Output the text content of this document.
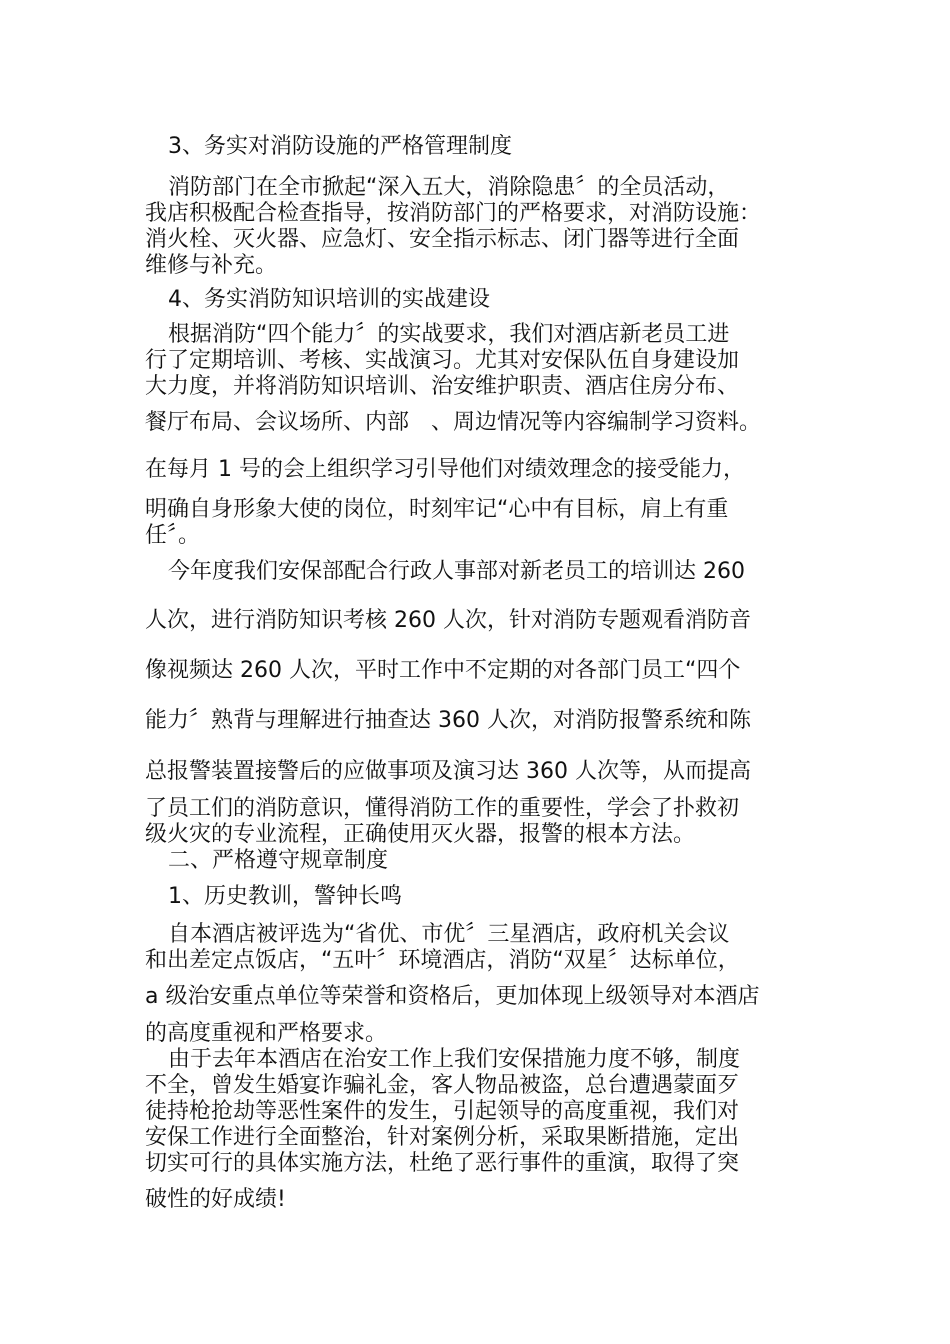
3、务实对消防设施的严格管理制度
消防部门在全市掀起“深入五大，消除隐患〞的全员活动，
我店积极配合检查指导，按消防部门的严格要求，对消防设施：
消火栓、灭火器、应急灯、安全指示标志、闭门器等进行全面
维修与补充。
4、务实消防知识培训的实战建设
根据消防“四个能力〞的实战要求，我们对酒店新老员工进
行了定期培训、考核、实战演习。尤其对安保队伍自身建设加
大力度，并将消防知识培训、治安维护职责、酒店住房分布、
餐厅布局、会议场所、内部　、周边情况等内容编制学习资料。
在每月 1 号的会上组织学习引导他们对绩效理念的接受能力，
明确自身形象大使的岗位，时刻牢记“心中有目标，肩上有重
任〞。
今年度我们安保部配合行政人事部对新老员工的培训达 260
人次，进行消防知识考核 260 人次，针对消防专题观看消防音
像视频达 260 人次，平时工作中不定期的对各部门员工“四个
能力〞熟背与理解进行抽查达 360 人次，对消防报警系统和陈
总报警装置接警后的应做事项及演习达 360 人次等，从而提高
了员工们的消防意识，懂得消防工作的重要性，学会了扑救初
级火灾的专业流程，正确使用灭火器，报警的根本方法。
二、严格遵守规章制度
1、历史教训，警钟长鸣
自本酒店被评选为“省优、市优〞三星酒店，政府机关会议
和出差定点饭店，“五叶〞环境酒店，消防“双星〞达标单位，
a 级治安重点单位等荣誉和资格后，更加体现上级领导对本酒店
的高度重视和严格要求。
由于去年本酒店在治安工作上我们安保措施力度不够，制度
不全，曾发生婚宴诈骗礼金，客人物品被盗，总台遭遇蒙面歹
徒持枪抢劫等恶性案件的发生，引起领导的高度重视，我们对
安保工作进行全面整治，针对案例分析，采取果断措施，定出
切实可行的具体实施方法，杜绝了恶行事件的重演，取得了突
破性的好成绩!
